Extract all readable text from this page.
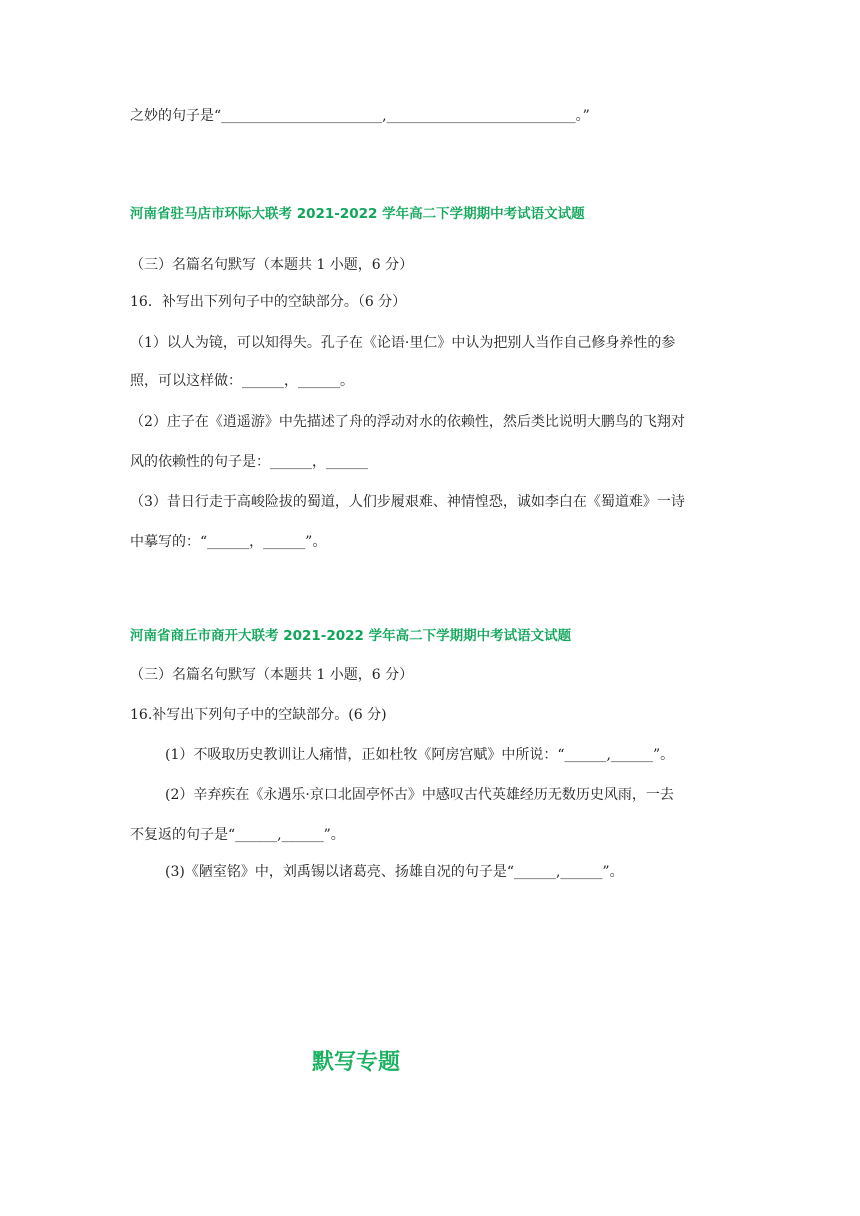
之妙的句子是“_______________________,___________________________。”
河南省驻马店市环际大联考 2021-2022 学年高二下学期期中考试语文试题
（三）名篇名句默写（本题共 1 小题，6 分）
16．补写出下列句子中的空缺部分。（6 分）
（1）以人为镜，可以知得失。孔子在《论语·里仁》中认为把别人当作自己修身养性的参
照，可以这样做：______，______。
（2）庄子在《逍遥游》中先描述了舟的浮动对水的依赖性，然后类比说明大鹏鸟的飞翔对
风的依赖性的句子是：______，______
（3）昔日行走于高峻险拔的蜀道，人们步履艰难、神情惶恐，诚如李白在《蜀道难》一诗
中摹写的：“______，______”。
河南省商丘市商开大联考 2021-2022 学年高二下学期期中考试语文试题
（三）名篇名句默写（本题共 1 小题，6 分）
16.补写出下列句子中的空缺部分。(6 分)
(1）不吸取历史教训让人痛惜，正如杜牧《阿房宫赋》中所说：“______,______”。
(2）辛弃疾在《永遇乐·京口北固亭怀古》中感叹古代英雄经历无数历史风雨，一去
不复返的句子是“______,______”。
(3)《陋室铭》中，刘禹锡以诸葛亮、扬雄自况的句子是“______,______”。
默写专题
